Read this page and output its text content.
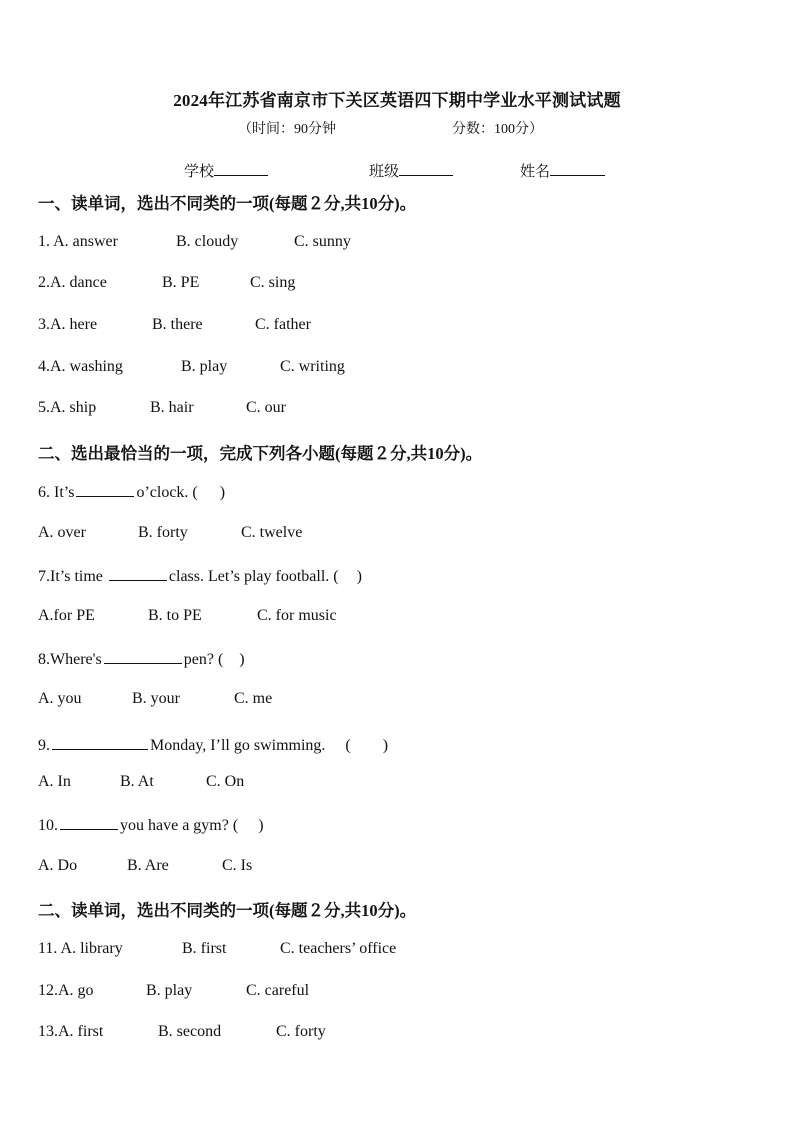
2024年江苏省南京市下关区英语四下期中学业水平测试试题
（时间：90分钟	分数：100分）
学校	班级	姓名
一、读单词，选出不同类的一项(每题２分,共10分)。
1. A. answer	B. cloudy	C. sunny
2.A. dance	B. PE	C. sing
3.A. here	B. there	C. father
4.A. washing	B. play	C. writing
5.A. ship	B. hair	C. our
二、选出最恰当的一项，完成下列各小题(每题２分,共10分)。
6. It’s	o’clock. ( )
A. over	B. forty	C. twelve
7.It’s time	class. Let’s play football. ( )
A.for PE	B. to PE	C. for music
8.Where's	pen? ( )
A. you	B. your	C. me
9.	Monday, I’ll go swimming. (　　)
A. In	B. At	C. On
10.	you have a gym? ( )
A. Do	B. Are	C. Is
二、读单词，选出不同类的一项(每题２分,共10分)。
11. A. library	B. first	C. teachers’ office
12.A. go	B. play	C. careful
13.A. first	B. second	C. forty
